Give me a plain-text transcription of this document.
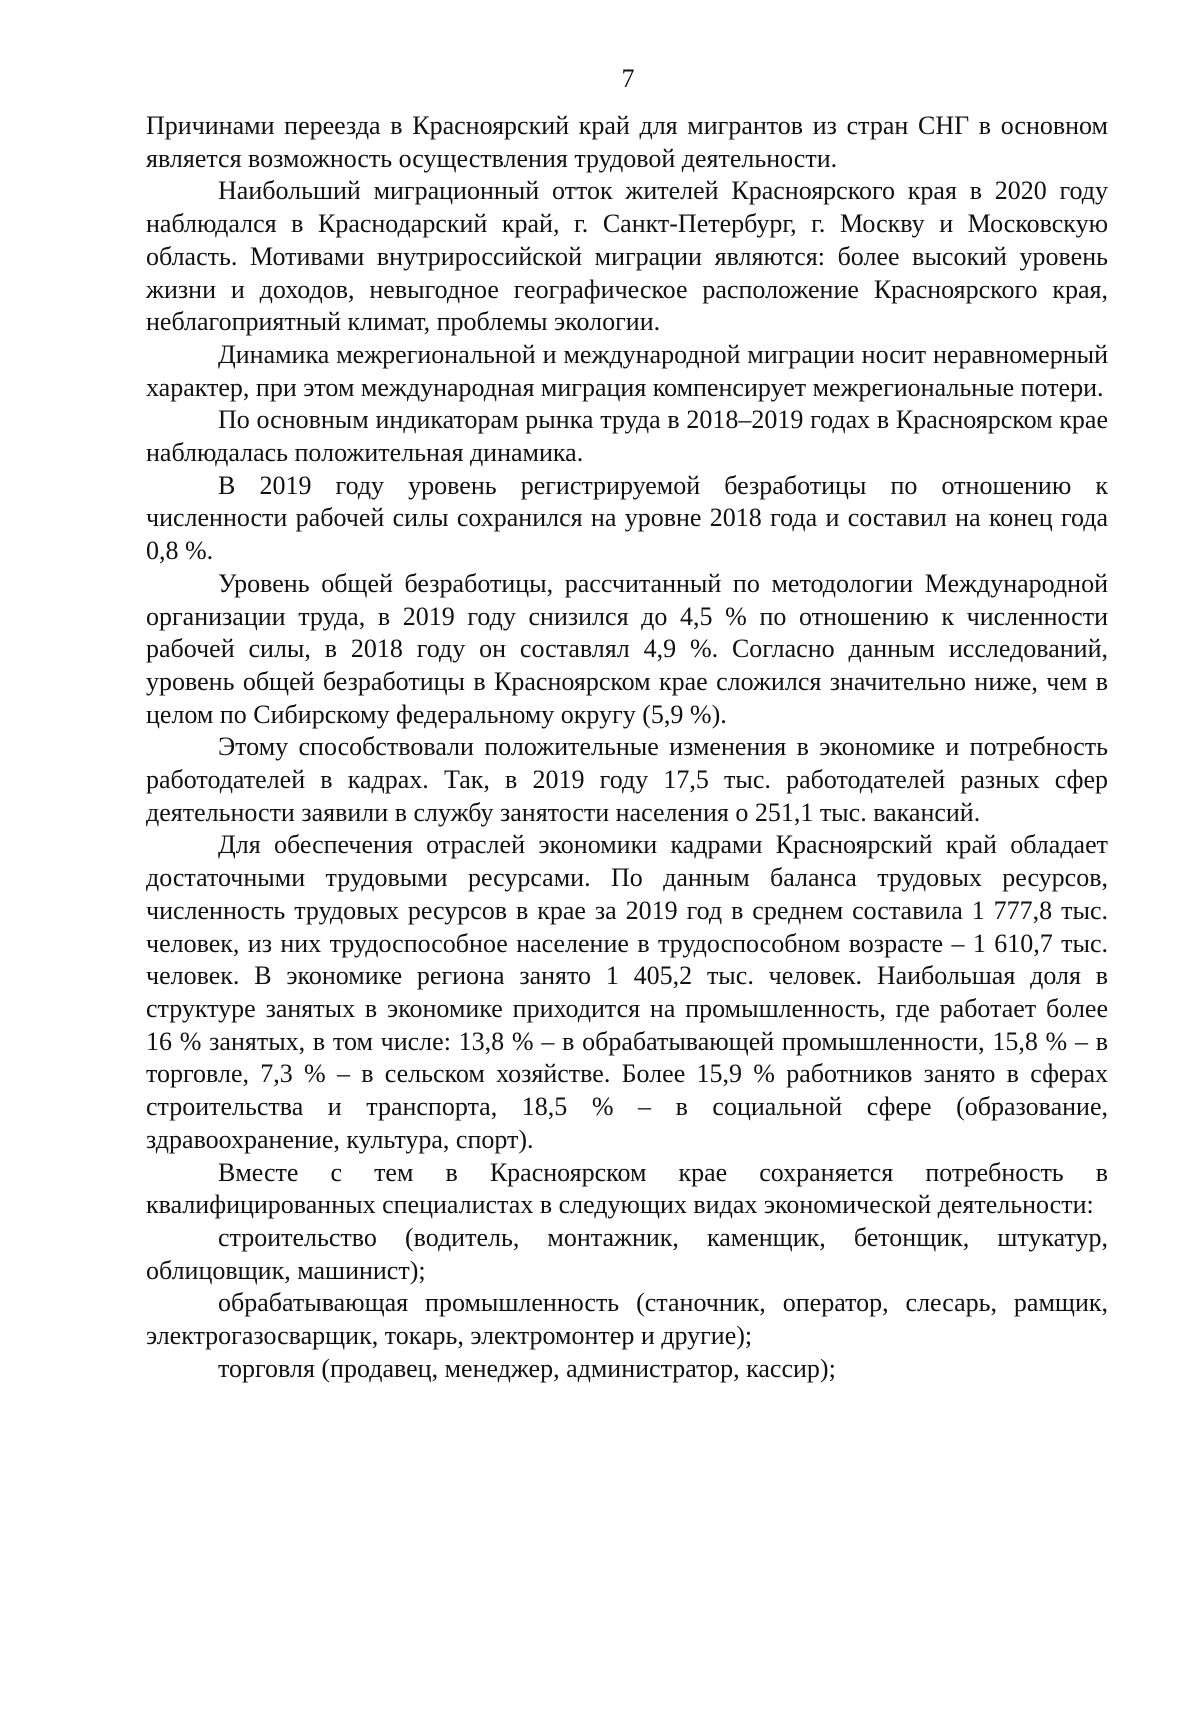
7

Причинами переезда в Красноярский край для мигрантов из стран СНГ в основном является возможность осуществления трудовой деятельности.

Наибольший миграционный отток жителей Красноярского края в 2020 году наблюдался в Краснодарский край, г. Санкт-Петербург, г. Москву и Московскую область. Мотивами внутрироссийской миграции являются: более высокий уровень жизни и доходов, невыгодное географическое расположение Красноярского края, неблагоприятный климат, проблемы экологии.

Динамика межрегиональной и международной миграции носит неравномерный характер, при этом международная миграция компенсирует межрегиональные потери.

По основным индикаторам рынка труда в 2018–2019 годах в Красноярском крае наблюдалась положительная динамика.

В 2019 году уровень регистрируемой безработицы по отношению к численности рабочей силы сохранился на уровне 2018 года и составил на конец года 0,8 %.

Уровень общей безработицы, рассчитанный по методологии Международной организации труда, в 2019 году снизился до 4,5 % по отношению к численности рабочей силы, в 2018 году он составлял 4,9 %. Согласно данным исследований, уровень общей безработицы в Красноярском крае сложился значительно ниже, чем в целом по Сибирскому федеральному округу (5,9 %).

Этому способствовали положительные изменения в экономике и потребность работодателей в кадрах. Так, в 2019 году 17,5 тыс. работодателей разных сфер деятельности заявили в службу занятости населения о 251,1 тыс. вакансий.

Для обеспечения отраслей экономики кадрами Красноярский край обладает достаточными трудовыми ресурсами. По данным баланса трудовых ресурсов, численность трудовых ресурсов в крае за 2019 год в среднем составила 1 777,8 тыс. человек, из них трудоспособное население в трудоспособном возрасте – 1 610,7 тыс. человек. В экономике региона занято 1 405,2 тыс. человек. Наибольшая доля в структуре занятых в экономике приходится на промышленность, где работает более 16 % занятых, в том числе: 13,8 % – в обрабатывающей промышленности, 15,8 % – в торговле, 7,3 % – в сельском хозяйстве. Более 15,9 % работников занято в сферах строительства и транспорта, 18,5 % – в социальной сфере (образование, здравоохранение, культура, спорт).

Вместе с тем в Красноярском крае сохраняется потребность в квалифицированных специалистах в следующих видах экономической деятельности:

строительство (водитель, монтажник, каменщик, бетонщик, штукатур, облицовщик, машинист);

обрабатывающая промышленность (станочник, оператор, слесарь, рамщик, электрогазосварщик, токарь, электромонтер и другие);

торговля (продавец, менеджер, администратор, кассир);
